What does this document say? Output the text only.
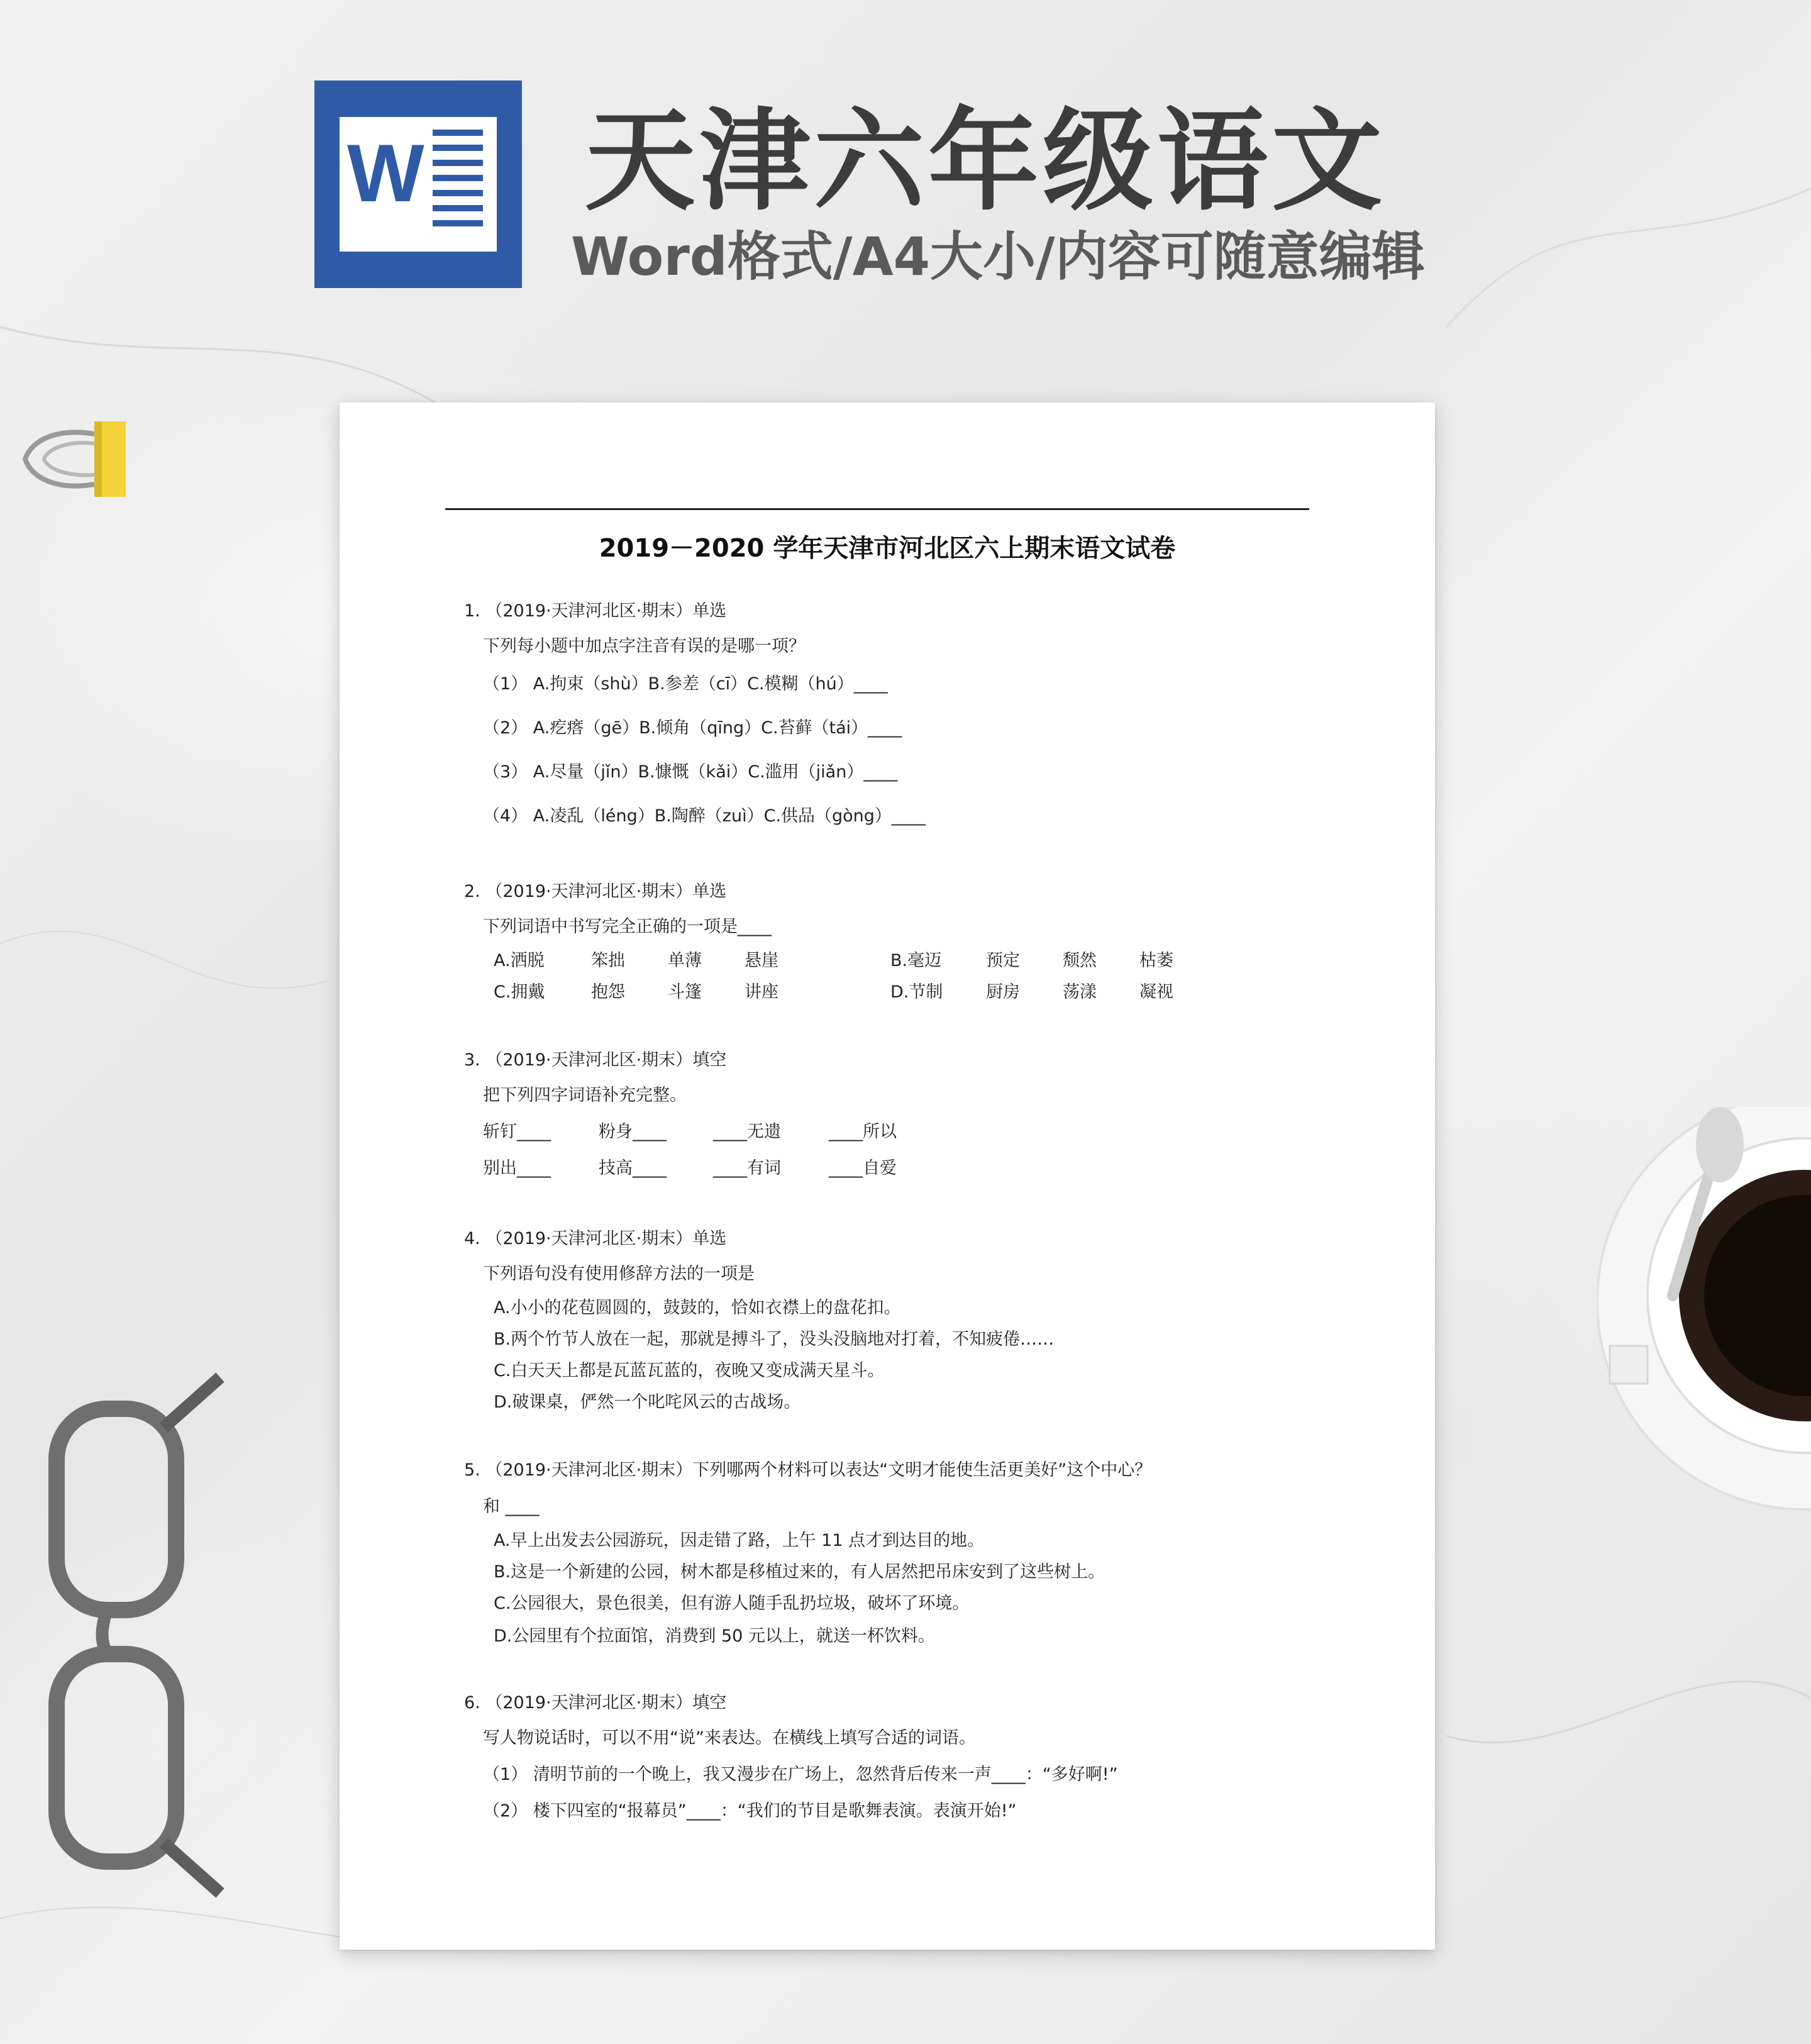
W 天津六年级语文
Word格式/A4大小/内容可随意编辑
2019－2020 学年天津市河北区六上期末语文试卷
1. （2019·天津河北区·期末）单选
下列每小题中加点字注音有误的是哪一项？
（1） A.拘束（shù）B.参差（cī）C.模糊（hú）____
（2） A.疙瘩（gē）B.倾角（qīng）C.苔藓（tái）____
（3） A.尽量（jǐn）B.慷慨（kǎi）C.滥用（jiǎn）____
（4） A.凌乱（léng）B.陶醉（zuì）C.供品（gòng）____
2. （2019·天津河北区·期末）单选
下列词语中书写完全正确的一项是____
A.洒脱	笨拙	单薄	悬崖	B.毫迈	预定	颓然	枯萎
C.拥戴	抱怨	斗篷	讲座	D.节制	厨房	荡漾	凝视
3. （2019·天津河北区·期末）填空
把下列四字词语补充完整。
斩钉____	粉身____	____无遗	____所以
别出____	技高____	____有词	____自爱
4. （2019·天津河北区·期末）单选
下列语句没有使用修辞方法的一项是
A.小小的花苞圆圆的，鼓鼓的，恰如衣襟上的盘花扣。
B.两个竹节人放在一起，那就是搏斗了，没头没脑地对打着，不知疲倦……
C.白天天上都是瓦蓝瓦蓝的，夜晚又变成满天星斗。
D.破课桌，俨然一个叱咤风云的古战场。
5. （2019·天津河北区·期末）下列哪两个材料可以表达“文明才能使生活更美好”这个中心？
和 ____
A.早上出发去公园游玩，因走错了路，上午 11 点才到达目的地。
B.这是一个新建的公园，树木都是移植过来的，有人居然把吊床安到了这些树上。
C.公园很大，景色很美，但有游人随手乱扔垃圾，破坏了环境。
D.公园里有个拉面馆，消费到 50 元以上，就送一杯饮料。
6. （2019·天津河北区·期末）填空
写人物说话时，可以不用“说”来表达。在横线上填写合适的词语。
（1） 清明节前的一个晚上，我又漫步在广场上，忽然背后传来一声____：“多好啊!”
（2） 楼下四室的“报幕员”____：“我们的节目是歌舞表演。表演开始!”
